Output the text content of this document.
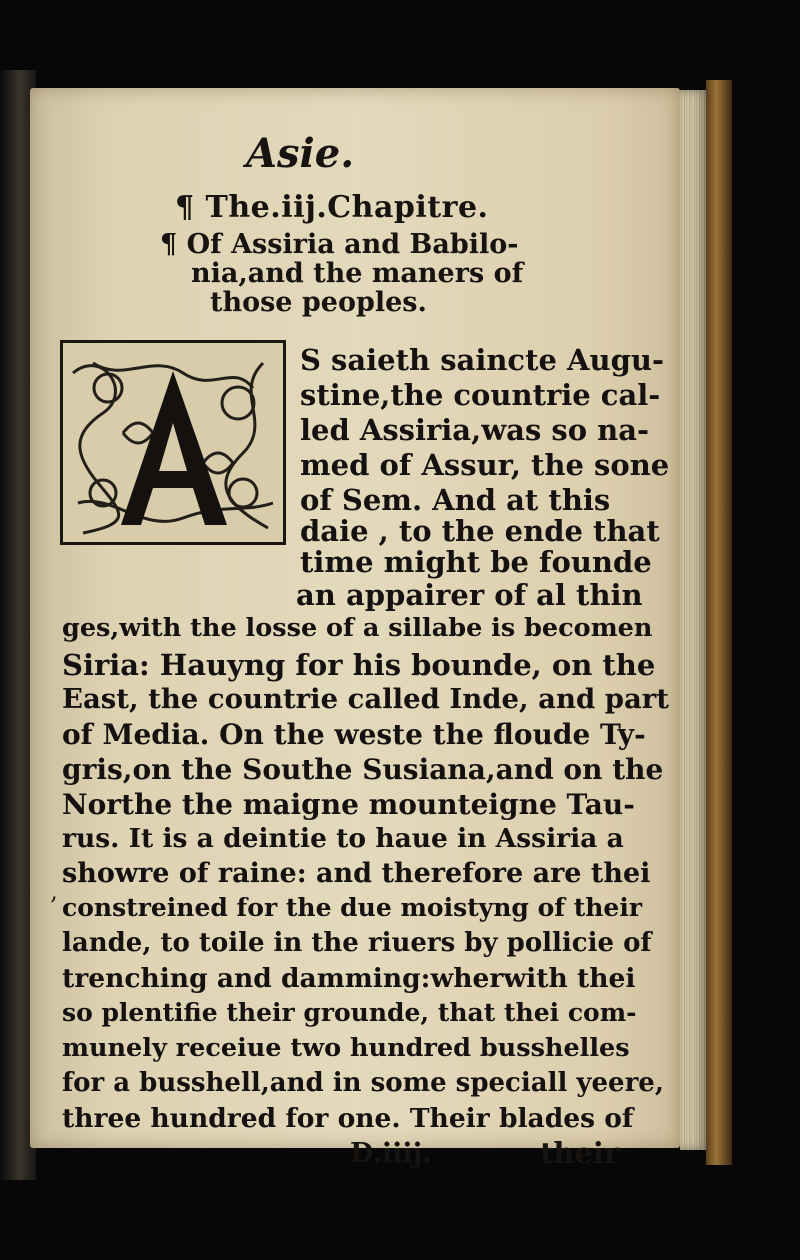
Asie.
¶ The.iij.Chapitre.
¶ Of Assiria and Babilo-
nia,and the maners of
those peoples.
S saieth saincte Augu-
stine,the countrie cal-
led Assiria,was so na-
med of Assur, the sone
of Sem. And at this
daie , to the ende that
time might be founde
an appairer of al thin
ges,with the losse of a sillabe is becomen
Siria: Hauyng for his bounde, on the
East, the countrie called Inde, and part
of Media. On the weste the floude Ty-
gris,on the Southe Susiana,and on the
Northe the maigne mounteigne Tau-
rus. It is a deintie to haue in Assiria a
showre of raine: and therefore are thei
constreined for the due moistyng of their
lande, to toile in the riuers by pollicie of
trenching and damming:wherwith thei
so plentifie their grounde, that thei com-
munely receiue two hundred busshelles
for a busshell,and in some speciall yeere,
three hundred for one. Their blades of
‚
D.iiij.	their
